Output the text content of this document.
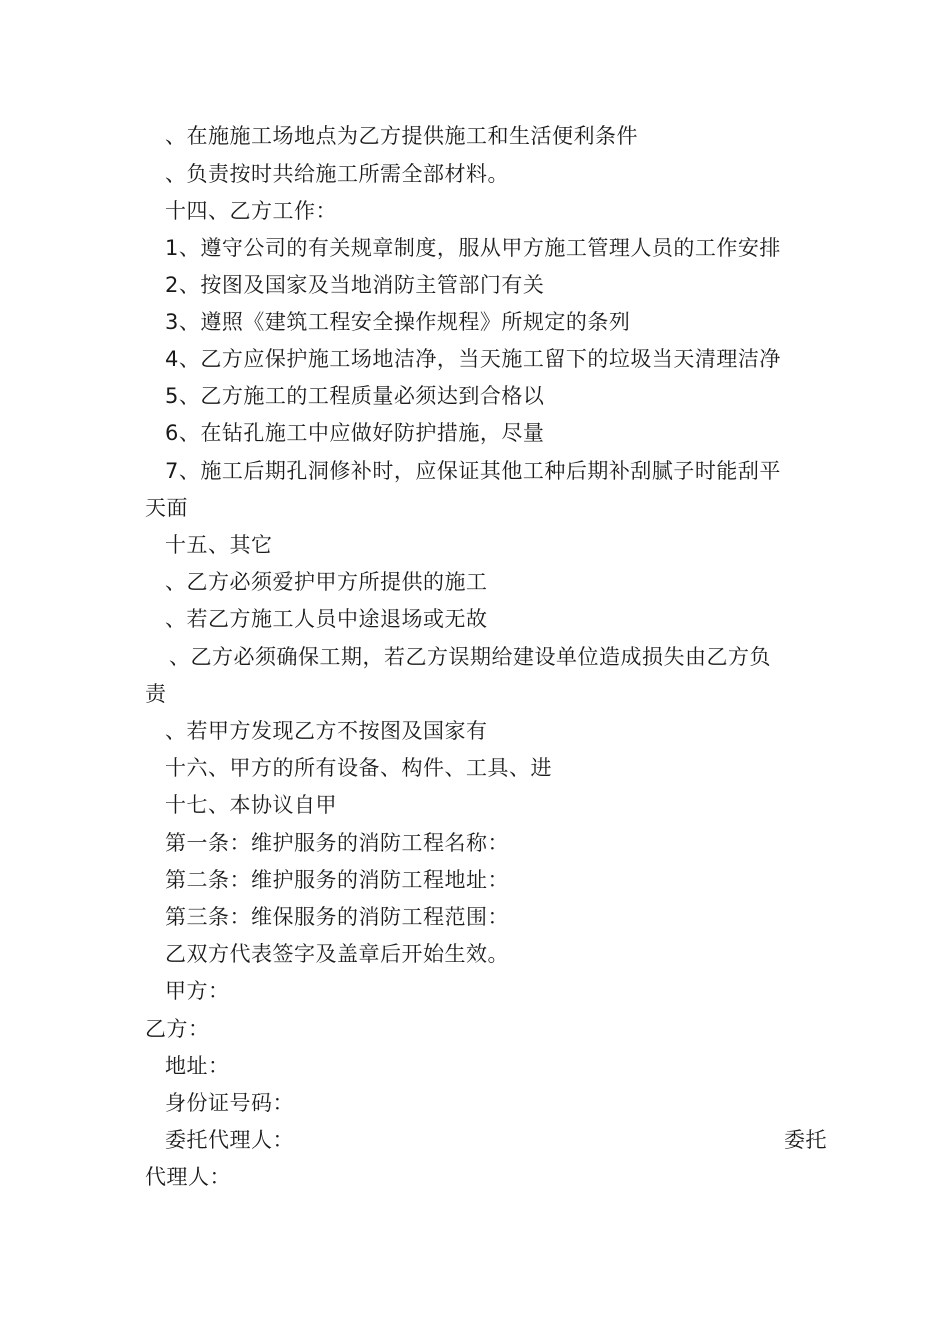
、在施施工场地点为乙方提供施工和生活便利条件
、负责按时共给施工所需全部材料。
十四、乙方工作：
1、遵守公司的有关规章制度，服从甲方施工管理人员的工作安排
2、按图及国家及当地消防主管部门有关
3、遵照《建筑工程安全操作规程》所规定的条列
4、乙方应保护施工场地洁净，当天施工留下的垃圾当天清理洁净
5、乙方施工的工程质量必须达到合格以
6、在钻孔施工中应做好防护措施，尽量
7、施工后期孔洞修补时，应保证其他工种后期补刮腻子时能刮平
天面
十五、其它
、乙方必须爱护甲方所提供的施工
、若乙方施工人员中途退场或无故
、乙方必须确保工期，若乙方误期给建设单位造成损失由乙方负
责
、若甲方发现乙方不按图及国家有
十六、甲方的所有设备、构件、工具、进
十七、本协议自甲
第一条：维护服务的消防工程名称：
第二条：维护服务的消防工程地址：
第三条：维保服务的消防工程范围：
乙双方代表签字及盖章后开始生效。
甲方：
乙方：
地址：
身份证号码：
委托代理人：	委托
代理人：
